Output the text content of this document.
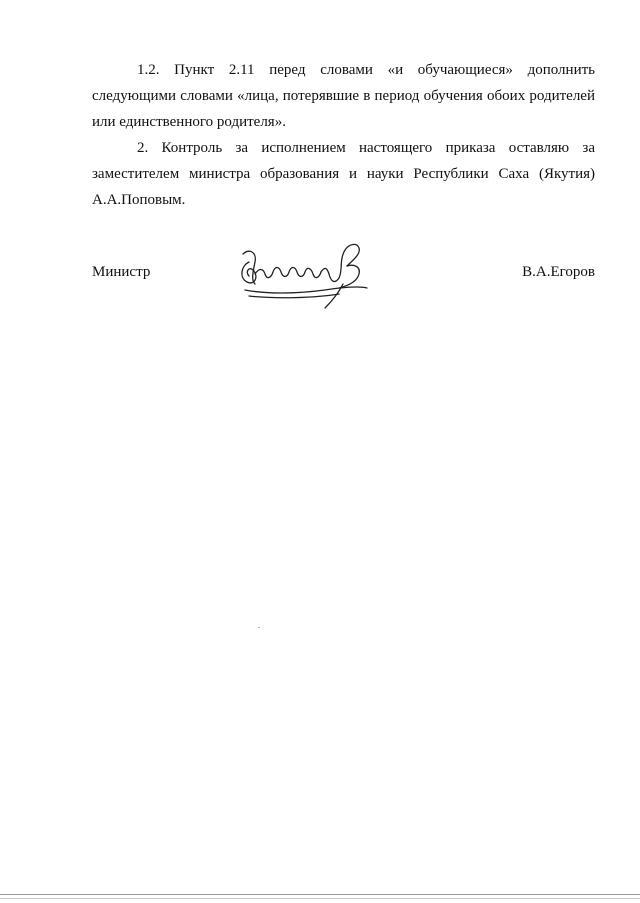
1.2. Пункт 2.11 перед словами «и обучающиеся» дополнить следующими словами «лица, потерявшие в период обучения обоих родителей или единственного родителя».

2. Контроль за исполнением настоящего приказа оставляю за заместителем министра образования и науки Республики Саха (Якутия) А.А.Поповым.

Министр	В.А.Егоров
